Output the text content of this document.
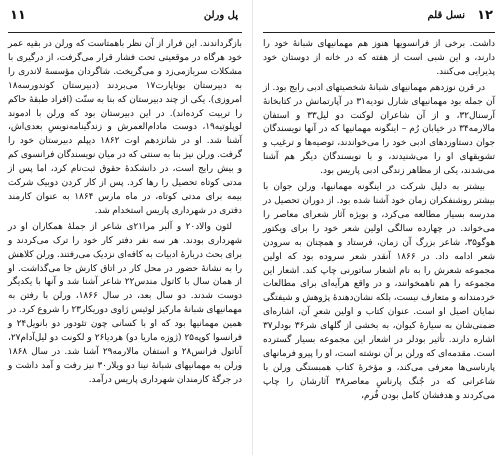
۱۱	پل ورلن

بازگرداندند. این فرار از آن نظر باهمتاست که ورلن در بقیه عمر خود هرگاه در موقعیتی تحت فشار قرار می‌گرفت، از درگیری با مشکلات سربازمی‌زد و می‌گریخت. شاگردان مؤسسهٔ لاندری را به دبیرستان بوناپارت۱۷ می‌بردند (دبیرستان کوندورسه۱۸ امروزی). یکی از چند دبیرستان که بنا به سنّت (افراد طبقهٔ حاکم را تربیت کرده‌اند). در این دبیرستان بود که ورلن با ادموند لوپلوتیه۱۹، دوست مادام‌العمرش و زندگینامه‌نویسِ بعدی‌اش، آشنا شد. او در شانزدهم اوت ۱۸۶۲ دیپلم دبیرستان خود را گرفت. ورلن نیز بنا به سنتی که در میان نویسندگان فرانسوی کم و بیش رایج است، در دانشکدهٔ حقوق ثبت‌نام کرد، اما پس از مدتی کوتاه تحصیل را رها کرد. پس از کار کردن دوبیک شرکت بیمه برای مدتی کوتاه، در ماه مارس ۱۸۶۴ به عنوان کارمند دفتری در شهرداری پاریس استخدام شد.

لئون والاد۲۰ و آلبر مرا۲۱ی شاعر از جملهٔ همکاران او در شهرداری بودند. هر سه نفر دفتر کار خود را ترک می‌کردند و برای بحث دربارهٔ ادبیات به کافه‌ای نزدیک می‌رفتند. ورلن کلاهش را به نشانهٔ حضور در محل کار در اتاق کارش جا می‌گذاشت. او از همان سال با کاتول مندس۲۲ شاعر آشنا شد و آنها با یکدیگر دوست شدند. دو سال بعد، در سال ۱۸۶۶، ورلن با رفتن به مهمانیهای شبانهٔ مارکیز لوئیس ژاوی دوریکار۲۳ را شروع کرد. در همین مهمانیها بود که او با کسانی چون تئودور دو بانویل۲۴ و فرانسوا کوپه۲۵ (ژوزه ماریا دو) هردیا۲۶ و لکونت دو لیل‌آدام۲۷، آناتول فرانس۲۸ و استفان مالارمه۲۹ آشنا شد. در سال ۱۸۶۸ ورلن به مهمانیهای شبانهٔ نینا دو ویلار۳۰ نیز رفت و آمد داشت و در جرگهٔ کارمندان شهرداری پاریس درآمد.

۱۲
نسل قلم

داشت. برخی از فرانسویها هنوز هم مهمانیهای شبانهٔ خود را دارند، و این شبی است از هفته که در خانه از دوستان خود پذیرایی می‌کنند.

در قرن نوزدهم مهمانیهای شبانهٔ شخصیتهای ادبی رایج بود. از آن جمله بود مهمانیهای شارل نودیه۳۱ در آپارتمانش در کتابخانهٔ آرسنال۳۲، و از آن شاعران لوکنت دو لیل۳۳ و استفان مالارمه۳۴ در خیابان رُم – اینگونه مهمانیها که در آنها نویسندگان جوان دستاوردهای ادبی خود را می‌خواندند، توصیه‌ها و ترغیب و تشویقهای او را می‌شنیدند، و با نویسندگان دیگر هم آشنا می‌شدند، یکی از مظاهر زندگی ادبی پاریس بود.

بیشتر به دلیل شرکت در اینگونه مهمانیها، ورلن جوان با بیشتر روشنفکران زمان خود آشنا شده بود. از دوران تحصیل در مدرسه بسیار مطالعه می‌کرد، و بویژه آثار شعرای معاصر را می‌خواند. در چهارده سالگی اولین شعر خود را برای ویکتور هوگو۳۵، شاعر بزرگ آن زمان، فرستاد و همچنان به سرودن شعر ادامه داد. در ۱۸۶۶ آنقدر شعر سروده بود که اولین مجموعه شعرش را به نام اشعار ساتورنی چاپ کند. اشعار این مجموعه را هم ناهمخوانند، و در واقع هرآیه‌ای برای مطالعات خردمندانه و متعارف نیست، بلکه نشان‌دهندهٔ پژوهش و شیفتگی نمایان اصیل او است. عنوان کتاب و اولین شعرِ آن، اشاره‌ای ضمنی‌شان به سیارهٔ کیوان، به بخشی از گلهای شر۳۶ بودلر۳۷ اشاره دارند. تأثیر بودلر در اشعار این مجموعه بسیار گسترده است. مقدمه‌ای که ورلن بر آن نوشته است، او را پیرو فرمانهای پارناسی‌ها معرفی می‌کند، و مؤخرهٔ کتاب همبستگی ورلن با شاعرانی که در جُنگ پارناسِ معاصر۳۸ آثارشان را چاپ می‌کردند و هدفشان کامل بودن فُرم،
